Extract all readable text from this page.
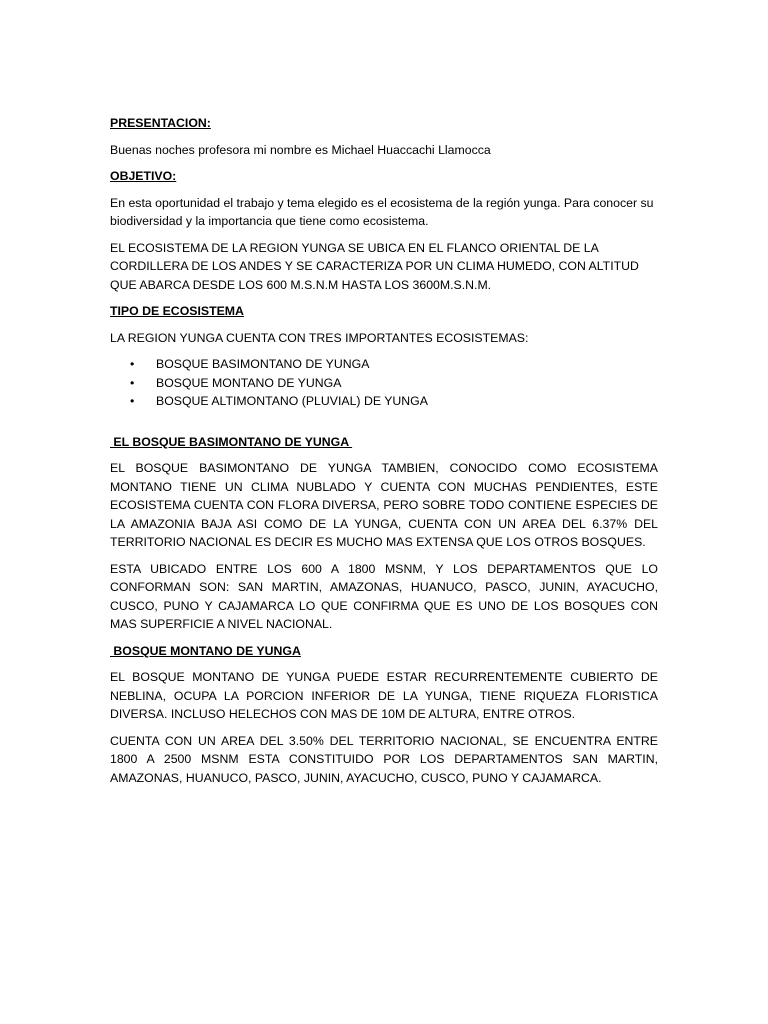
PRESENTACION:

Buenas noches profesora mi nombre es Michael Huaccachi Llamocca

OBJETIVO:

En esta oportunidad el trabajo y tema elegido es el ecosistema de la región yunga. Para conocer su biodiversidad y la importancia que tiene como ecosistema.

EL ECOSISTEMA DE LA REGION YUNGA SE UBICA EN EL FLANCO ORIENTAL DE LA CORDILLERA DE LOS ANDES Y SE CARACTERIZA POR UN CLIMA HUMEDO, CON ALTITUD QUE ABARCA DESDE LOS 600 M.S.N.M HASTA LOS 3600M.S.N.M.

TIPO DE ECOSISTEMA

LA REGION YUNGA CUENTA CON TRES IMPORTANTES ECOSISTEMAS:

• BOSQUE BASIMONTANO DE YUNGA
• BOSQUE MONTANO DE YUNGA
• BOSQUE ALTIMONTANO (PLUVIAL) DE YUNGA
EL BOSQUE BASIMONTANO DE YUNGA

EL BOSQUE BASIMONTANO DE YUNGA TAMBIEN, CONOCIDO COMO ECOSISTEMA MONTANO TIENE UN CLIMA NUBLADO Y CUENTA CON MUCHAS PENDIENTES, ESTE ECOSISTEMA CUENTA CON FLORA DIVERSA, PERO SOBRE TODO CONTIENE ESPECIES DE LA AMAZONIA BAJA ASI COMO DE LA YUNGA, CUENTA CON UN AREA DEL 6.37% DEL TERRITORIO NACIONAL ES DECIR ES MUCHO MAS EXTENSA QUE LOS OTROS BOSQUES.

ESTA UBICADO ENTRE LOS 600 A 1800 MSNM, Y LOS DEPARTAMENTOS QUE LO CONFORMAN SON: SAN MARTIN, AMAZONAS, HUANUCO, PASCO, JUNIN, AYACUCHO, CUSCO, PUNO Y CAJAMARCA LO QUE CONFIRMA QUE ES UNO DE LOS BOSQUES CON MAS SUPERFICIE A NIVEL NACIONAL.

BOSQUE MONTANO DE YUNGA

EL BOSQUE MONTANO DE YUNGA PUEDE ESTAR RECURRENTEMENTE CUBIERTO DE NEBLINA, OCUPA LA PORCION INFERIOR DE LA YUNGA, TIENE RIQUEZA FLORISTICA DIVERSA. INCLUSO HELECHOS CON MAS DE 10M DE ALTURA, ENTRE OTROS.

CUENTA CON UN AREA DEL 3.50% DEL TERRITORIO NACIONAL, SE ENCUENTRA ENTRE 1800 A 2500 MSNM ESTA CONSTITUIDO POR LOS DEPARTAMENTOS SAN MARTIN, AMAZONAS, HUANUCO, PASCO, JUNIN, AYACUCHO, CUSCO, PUNO Y CAJAMARCA.
